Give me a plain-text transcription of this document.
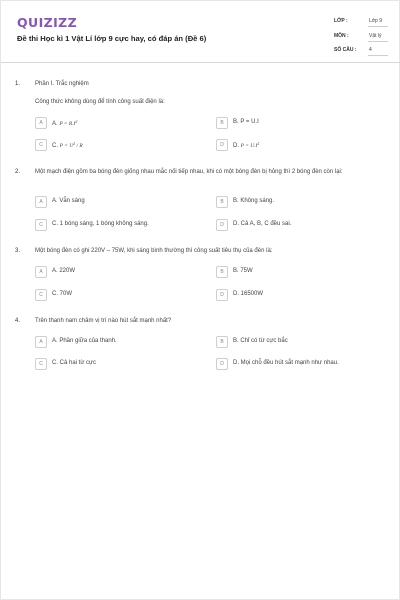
QUIZIZZ
Đề thi Học kì 1 Vật Lí lớp 9 cực hay, có đáp án (Đề 6)
LỚP :	Lớp 9
MÔN :	Vật lý
SỐ CÂU :	4
1. Phần I. Trắc nghiệm
Công thức không dùng để tính công suất điện là:
A	A. $P = R.I^2$	B	B. P = U.I
C	C. $P = U^2 / R$	D	D. $P = U.I^2$
2. Một mạch điện gồm ba bóng đèn giống nhau mắc nối tiếp nhau, khi có một bóng đèn bị hỏng thì 2 bóng đèn còn lại:
A	A. Vẫn sáng	B	B. Không sáng.
C	C. 1 bóng sáng, 1 bóng không sáng.	D	D. Cả A, B, C đều sai.
3. Một bóng đèn có ghi 220V – 75W, khi sáng bình thường thì công suất tiêu thụ của đèn là:
A	A. 220W	B	B. 75W
C	C. 70W	D	D. 16500W
4. Trên thanh nam châm vị trí nào hút sắt mạnh nhất?
A	A. Phần giữa của thanh.	B	B. Chỉ có từ cực bắc
C	C. Cả hai từ cực	D	D. Mọi chỗ đều hút sắt mạnh như nhau.
